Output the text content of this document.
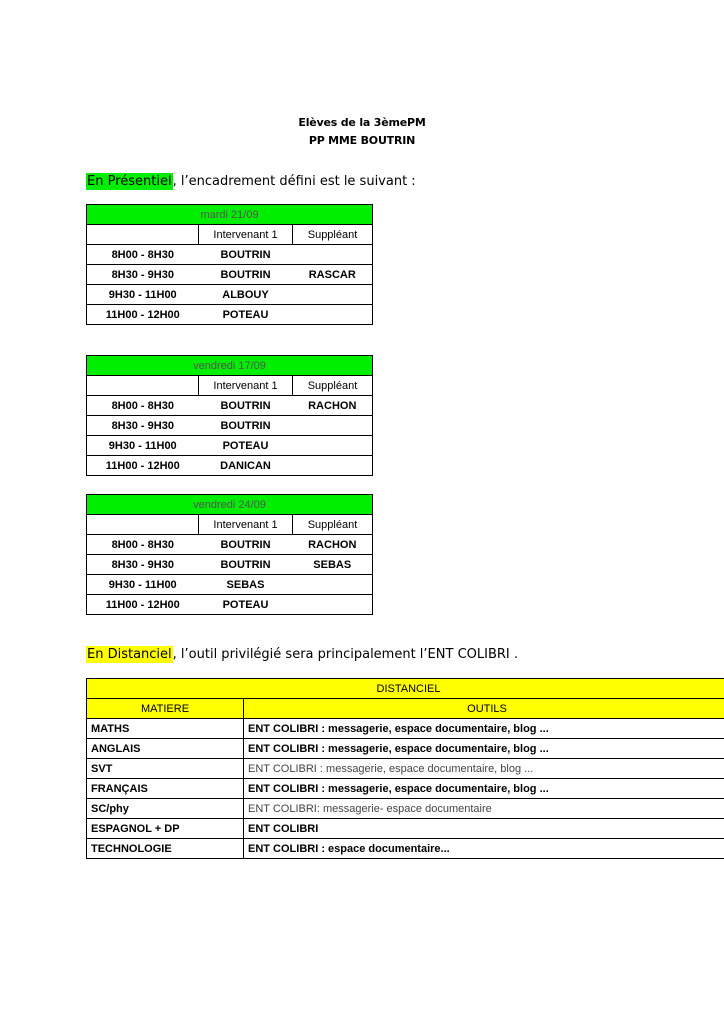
Elèves de la 3èmePM
PP MME BOUTRIN
En Présentiel, l’encadrement défini est le suivant :
mardi 21/09		
	Intervenant 1	Suppléant
8H00 - 8H30	BOUTRIN	
8H30 - 9H30	BOUTRIN	RASCAR
9H30 - 11H00	ALBOUY	
11H00 - 12H00	POTEAU	
vendredi 17/09		
	Intervenant 1	Suppléant
8H00 - 8H30	BOUTRIN	RACHON
8H30 - 9H30	BOUTRIN	
9H30 - 11H00	POTEAU	
11H00 - 12H00	DANICAN	
vendredi 24/09		
	Intervenant 1	Suppléant
8H00 - 8H30	BOUTRIN	RACHON
8H30 - 9H30	BOUTRIN	SEBAS
9H30 - 11H00	SEBAS	
11H00 - 12H00	POTEAU	
En Distanciel, l’outil privilégié sera principalement l’ENT COLIBRI .
DISTANCIEL	
MATIERE	OUTILS
MATHS	ENT COLIBRI : messagerie, espace documentaire, blog ...
ANGLAIS	ENT COLIBRI : messagerie, espace documentaire, blog ...
SVT	ENT COLIBRI : messagerie, espace documentaire, blog ...
FRANÇAIS	ENT COLIBRI : messagerie, espace documentaire, blog ...
SC/phy	ENT COLIBRI: messagerie- espace documentaire
ESPAGNOL + DP	ENT COLIBRI
TECHNOLOGIE	ENT COLIBRI : espace documentaire...
